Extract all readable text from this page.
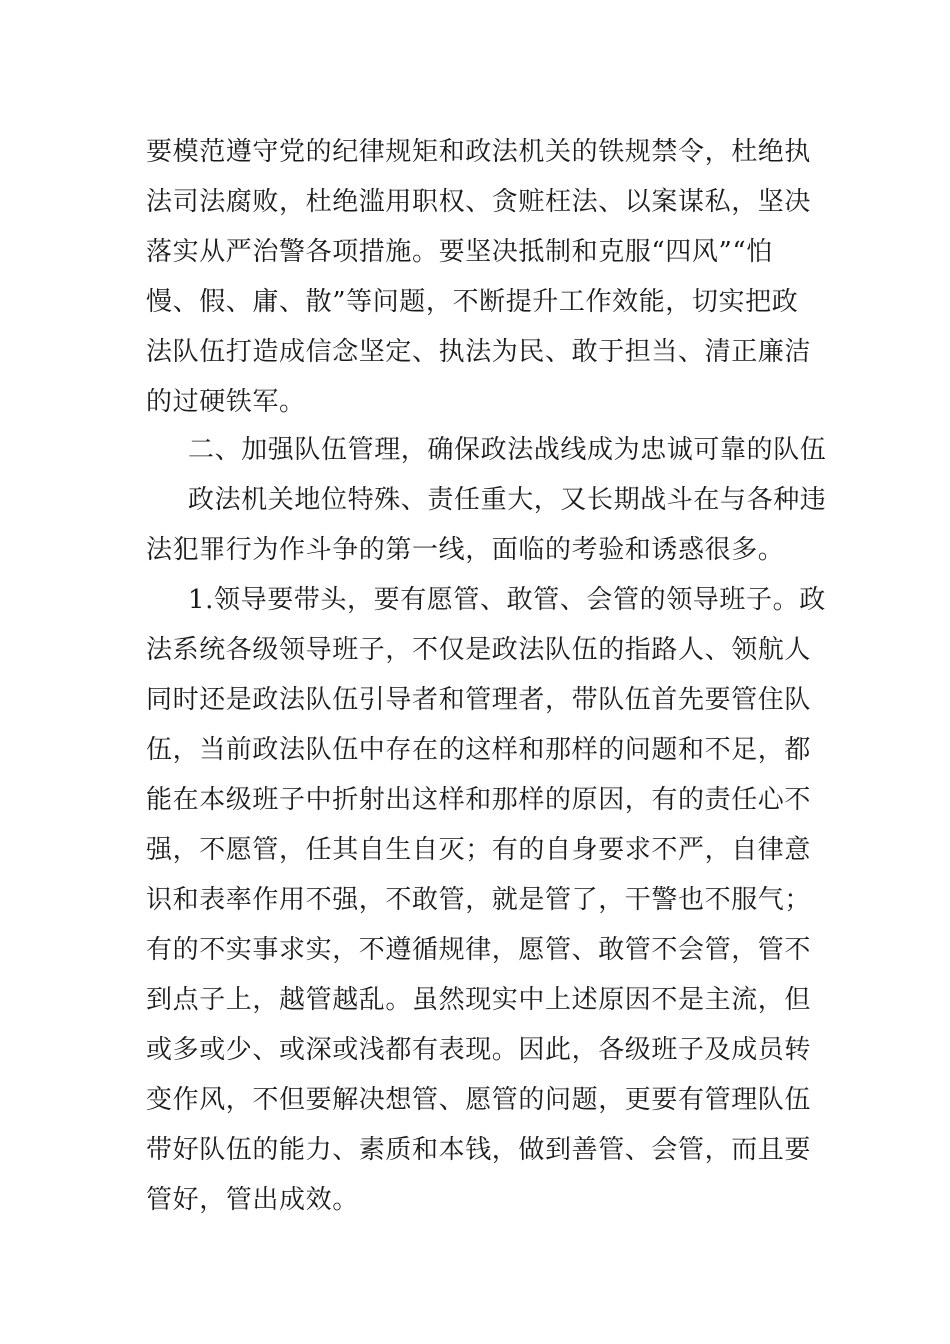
要模范遵守党的纪律规矩和政法机关的铁规禁令，杜绝执
法司法腐败，杜绝滥用职权、贪赃枉法、以案谋私，坚决
落实从严治警各项措施。要坚决抵制和克服“四风”“怕
慢、假、庸、散”等问题，不断提升工作效能，切实把政
法队伍打造成信念坚定、执法为民、敢于担当、清正廉洁
的过硬铁军。
二、加强队伍管理，确保政法战线成为忠诚可靠的队伍
政法机关地位特殊、责任重大，又长期战斗在与各种违
法犯罪行为作斗争的第一线，面临的考验和诱惑很多。
1.领导要带头，要有愿管、敢管、会管的领导班子。政
法系统各级领导班子，不仅是政法队伍的指路人、领航人
同时还是政法队伍引导者和管理者，带队伍首先要管住队
伍，当前政法队伍中存在的这样和那样的问题和不足，都
能在本级班子中折射出这样和那样的原因，有的责任心不
强，不愿管，任其自生自灭；有的自身要求不严，自律意
识和表率作用不强，不敢管，就是管了，干警也不服气；
有的不实事求实，不遵循规律，愿管、敢管不会管，管不
到点子上，越管越乱。虽然现实中上述原因不是主流，但
或多或少、或深或浅都有表现。因此，各级班子及成员转
变作风，不但要解决想管、愿管的问题，更要有管理队伍
带好队伍的能力、素质和本钱，做到善管、会管，而且要
管好，管出成效。
